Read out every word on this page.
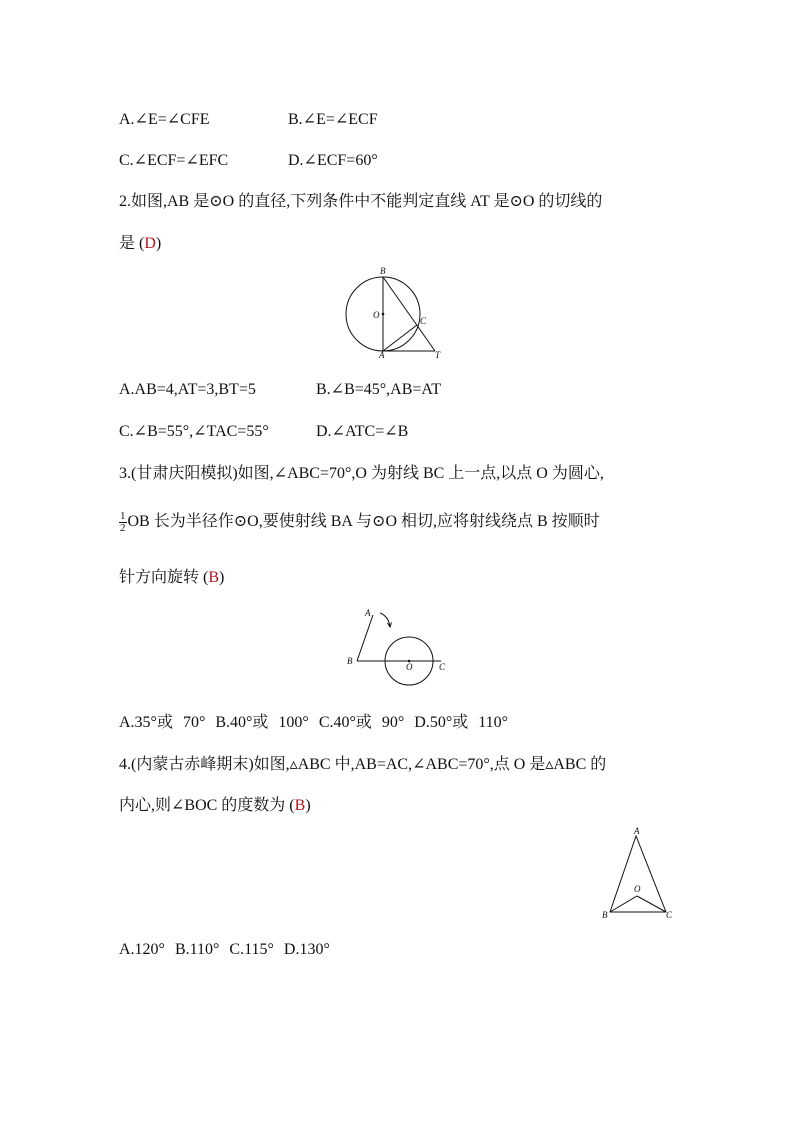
A.∠E=∠CFE	B.∠E=∠ECF
C.∠ECF=∠EFC	D.∠ECF=60°
2.如图,AB 是⊙O 的直径,下列条件中不能判定直线 AT 是⊙O 的切线的
是 (D)
B
O
C
A	T
A.AB=4,AT=3,BT=5	B.∠B=45°,AB=AT
C.∠B=55°,∠TAC=55°	D.∠ATC=∠B
3.(甘肃庆阳模拟)如图,∠ABC=70°,O 为射线 BC 上一点,以点 O 为圆心,
$\frac{1}{2}$ OB 长为半径作⊙O,要使射线 BA 与⊙O 相切,应将射线绕点 B 按顺时
针方向旋转 (B)
A
B
O	C
A.35°或 70° B.40°或 100° C.40°或 90° D.50°或 110°
4.(内蒙古赤峰期末)如图,▵ABC 中,AB=AC,∠ABC=70°,点 O 是▵ABC 的
内心,则∠BOC 的度数为 (B)
A
O
B	C
A.120° B.110° C.115° D.130°
